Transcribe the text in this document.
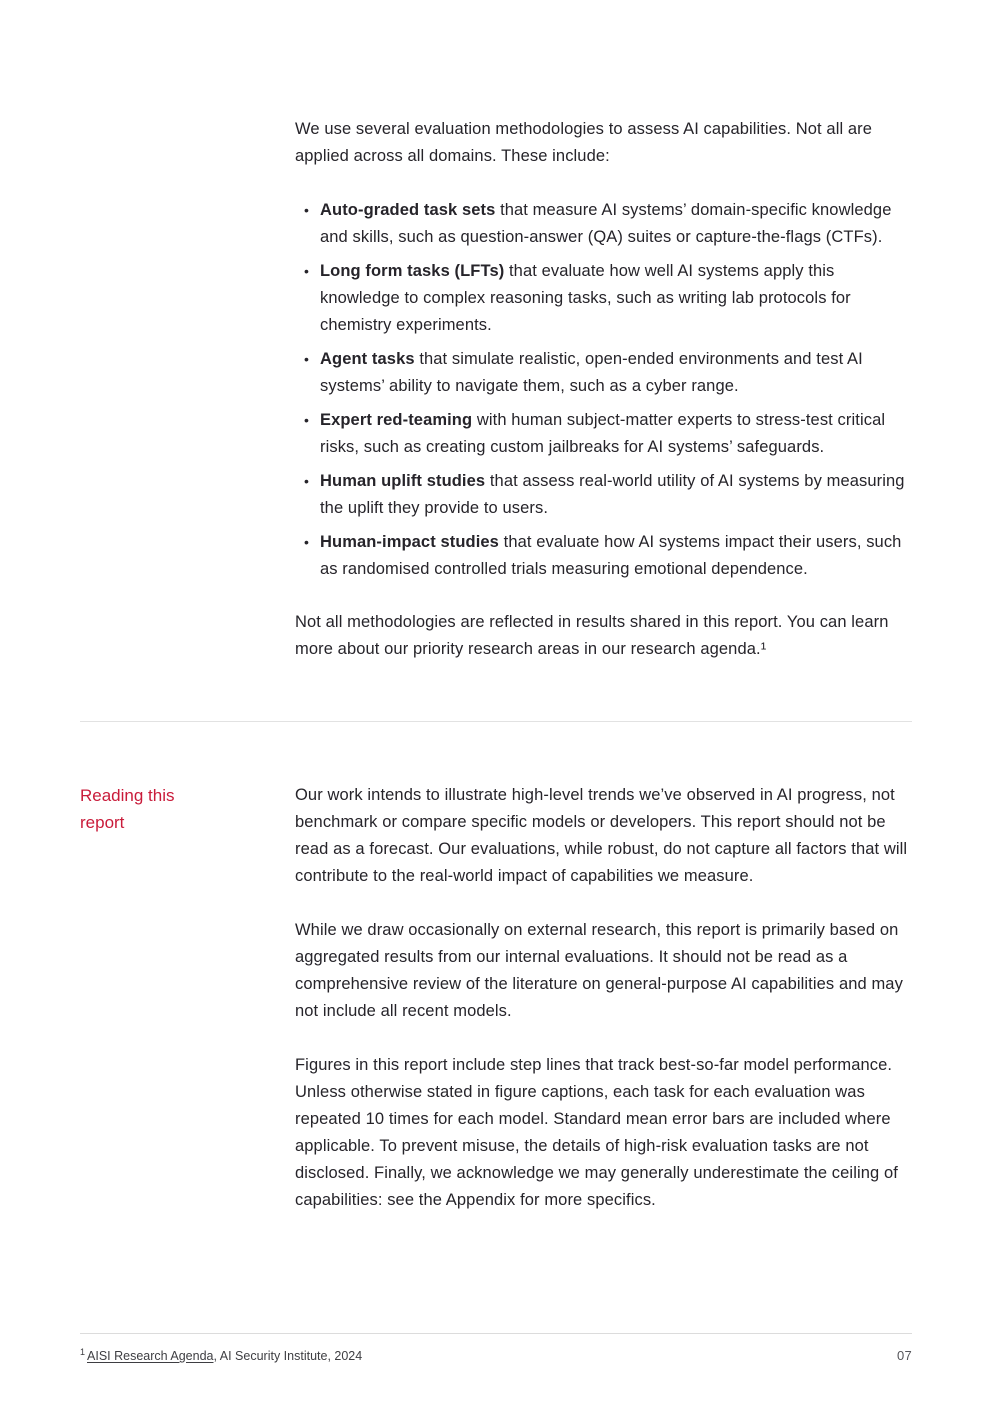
We use several evaluation methodologies to assess AI capabilities. Not all are applied across all domains. These include:

• Auto-graded task sets that measure AI systems’ domain-specific knowledge and skills, such as question-answer (QA) suites or capture-the-flags (CTFs).
• Long form tasks (LFTs) that evaluate how well AI systems apply this knowledge to complex reasoning tasks, such as writing lab protocols for chemistry experiments.
• Agent tasks that simulate realistic, open-ended environments and test AI systems’ ability to navigate them, such as a cyber range.
• Expert red-teaming with human subject-matter experts to stress-test critical risks, such as creating custom jailbreaks for AI systems’ safeguards.
• Human uplift studies that assess real-world utility of AI systems by measuring the uplift they provide to users.
• Human-impact studies that evaluate how AI systems impact their users, such as randomised controlled trials measuring emotional dependence.

Not all methodologies are reflected in results shared in this report. You can learn more about our priority research areas in our research agenda.¹

Reading this report

Our work intends to illustrate high-level trends we’ve observed in AI progress, not benchmark or compare specific models or developers. This report should not be read as a forecast. Our evaluations, while robust, do not capture all factors that will contribute to the real-world impact of capabilities we measure.

While we draw occasionally on external research, this report is primarily based on aggregated results from our internal evaluations. It should not be read as a comprehensive review of the literature on general-purpose AI capabilities and may not include all recent models.

Figures in this report include step lines that track best-so-far model performance. Unless otherwise stated in figure captions, each task for each evaluation was repeated 10 times for each model. Standard mean error bars are included where applicable. To prevent misuse, the details of high-risk evaluation tasks are not disclosed. Finally, we acknowledge we may generally underestimate the ceiling of capabilities: see the Appendix for more specifics.

$^1$ AISI Research Agenda, AI Security Institute, 2024	07
